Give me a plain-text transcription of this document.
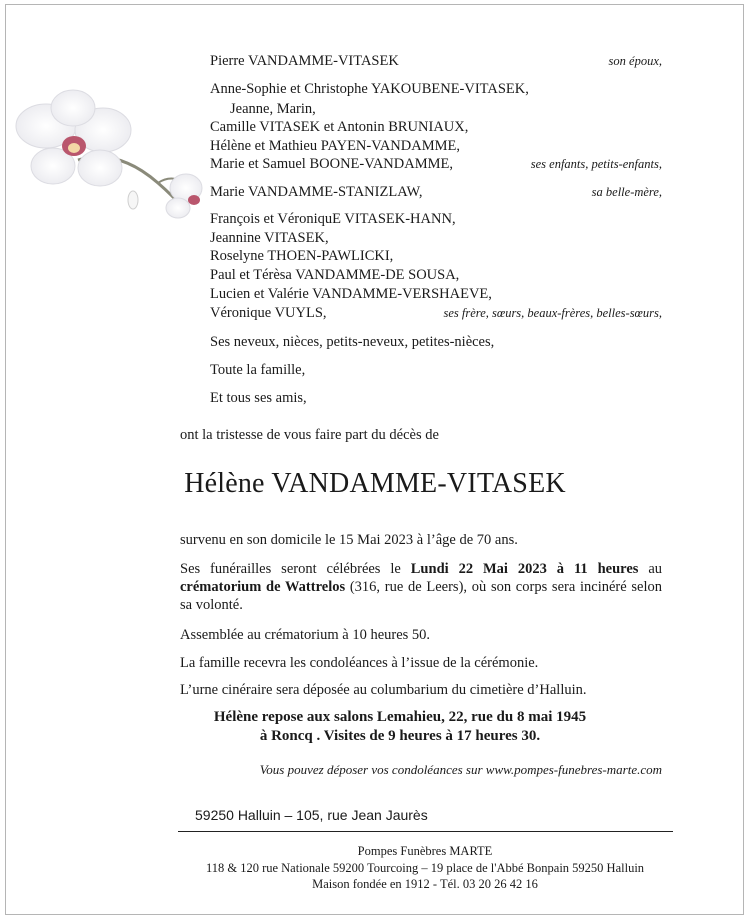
Pierre VANDAMME-VITASEK	son époux,
Anne-Sophie et Christophe YAKOUBENE-VITASEK,
Jeanne, Marin,
Camille VITASEK et Antonin BRUNIAUX,
Hélène et Mathieu PAYEN-VANDAMME,
Marie et Samuel BOONE-VANDAMME,	ses enfants, petits-enfants,
Marie VANDAMME-STANIZLAW,	sa belle-mère,
François et VéroniquE VITASEK-HANN,
Jeannine VITASEK,
Roselyne THOEN-PAWLICKI,
Paul et Térèsa VANDAMME-DE SOUSA,
Lucien et Valérie VANDAMME-VERSHAEVE,
Véronique VUYLS,	ses frère, sœurs, beaux-frères, belles-sœurs,
Ses neveux, nièces, petits-neveux, petites-nièces,
Toute la famille,
Et tous ses amis,
ont la tristesse de vous faire part du décès de
Hélène VANDAMME-VITASEK
survenu en son domicile le 15 Mai 2023 à l’âge de 70 ans.
Ses funérailles seront célébrées le Lundi 22 Mai 2023 à 11 heures au crématorium de Wattrelos (316, rue de Leers), où son corps sera incinéré selon sa volonté.
Assemblée au crématorium à 10 heures 50.
La famille recevra les condoléances à l’issue de la cérémonie.
L’urne cinéraire sera déposée au columbarium du cimetière d’Halluin.
Hélène repose aux salons Lemahieu, 22, rue du 8 mai 1945
à Roncq . Visites de 9 heures à 17 heures 30.
Vous pouvez déposer vos condoléances sur www.pompes-funebres-marte.com
59250 Halluin – 105, rue Jean Jaurès
Pompes Funèbres MARTE
118 & 120 rue Nationale 59200 Tourcoing – 19 place de l'Abbé Bonpain 59250 Halluin
Maison fondée en 1912 - Tél. 03 20 26 42 16
